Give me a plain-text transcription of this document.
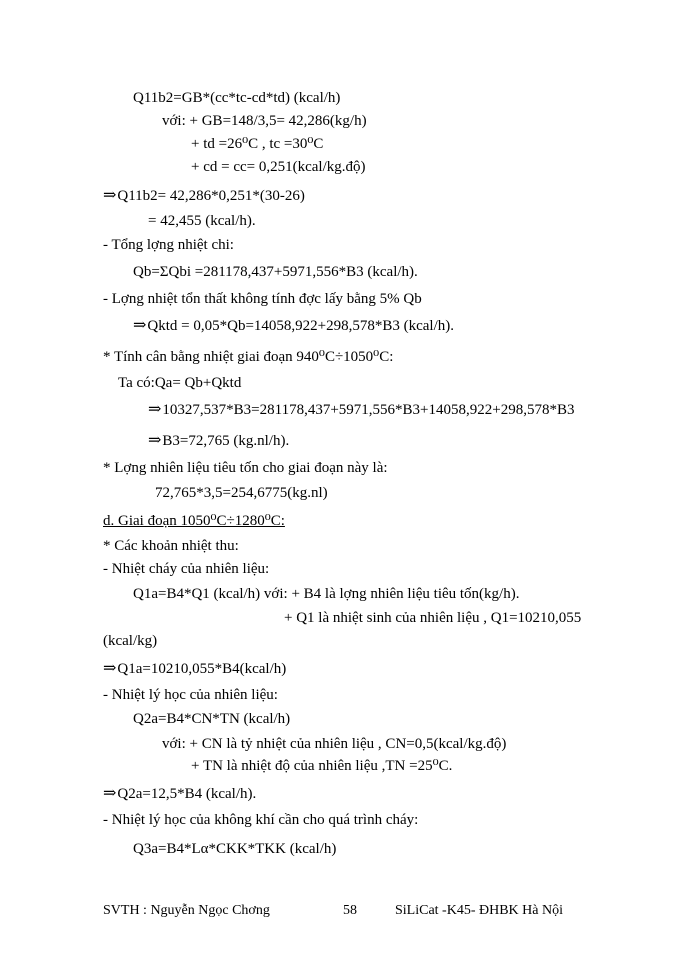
Q11b2=GB*(cc*tc-cd*td) (kcal/h)
với: + GB=148/3,5= 42,286(kg/h)
+ td =26⁰C , tc =30⁰C
+ cd = cc= 0,251(kcal/kg.độ)
⇒Q11b2= 42,286*0,251*(30-26)
= 42,455 (kcal/h).
- Tổng lợng nhiệt chi:
Qb=ΣQbi =281178,437+5971,556*B3 (kcal/h).
- Lợng nhiệt tổn thất không tính đợc lấy bằng 5% Qb
⇒Qktd = 0,05*Qb=14058,922+298,578*B3 (kcal/h).
* Tính cân bằng nhiệt giai đoạn 940⁰C÷1050⁰C:
Ta có:Qa= Qb+Qktd
⇒10327,537*B3=281178,437+5971,556*B3+14058,922+298,578*B3
⇒B3=72,765 (kg.nl/h).
* Lợng nhiên liệu tiêu tốn cho giai đoạn này là:
72,765*3,5=254,6775(kg.nl)
d. Giai đoạn 1050⁰C÷1280⁰C:
* Các khoản nhiệt thu:
- Nhiệt cháy của nhiên liệu:
Q1a=B4*Q1 (kcal/h) với: + B4 là lợng nhiên liệu tiêu tốn(kg/h).
+ Q1 là nhiệt sinh của nhiên liệu , Q1=10210,055
(kcal/kg)
⇒Q1a=10210,055*B4(kcal/h)
- Nhiệt lý học của nhiên liệu:
Q2a=B4*CN*TN (kcal/h)
với: + CN là tỷ nhiệt của nhiên liệu , CN=0,5(kcal/kg.độ)
+ TN là nhiệt độ của nhiên liệu ,TN =25⁰C.
⇒Q2a=12,5*B4 (kcal/h).
- Nhiệt lý học của không khí cần cho quá trình cháy:
Q3a=B4*Lα*CKK*TKK (kcal/h)
SVTH : Nguyễn Ngọc Chơng	58	SiLiCat -K45- ĐHBK Hà Nội
